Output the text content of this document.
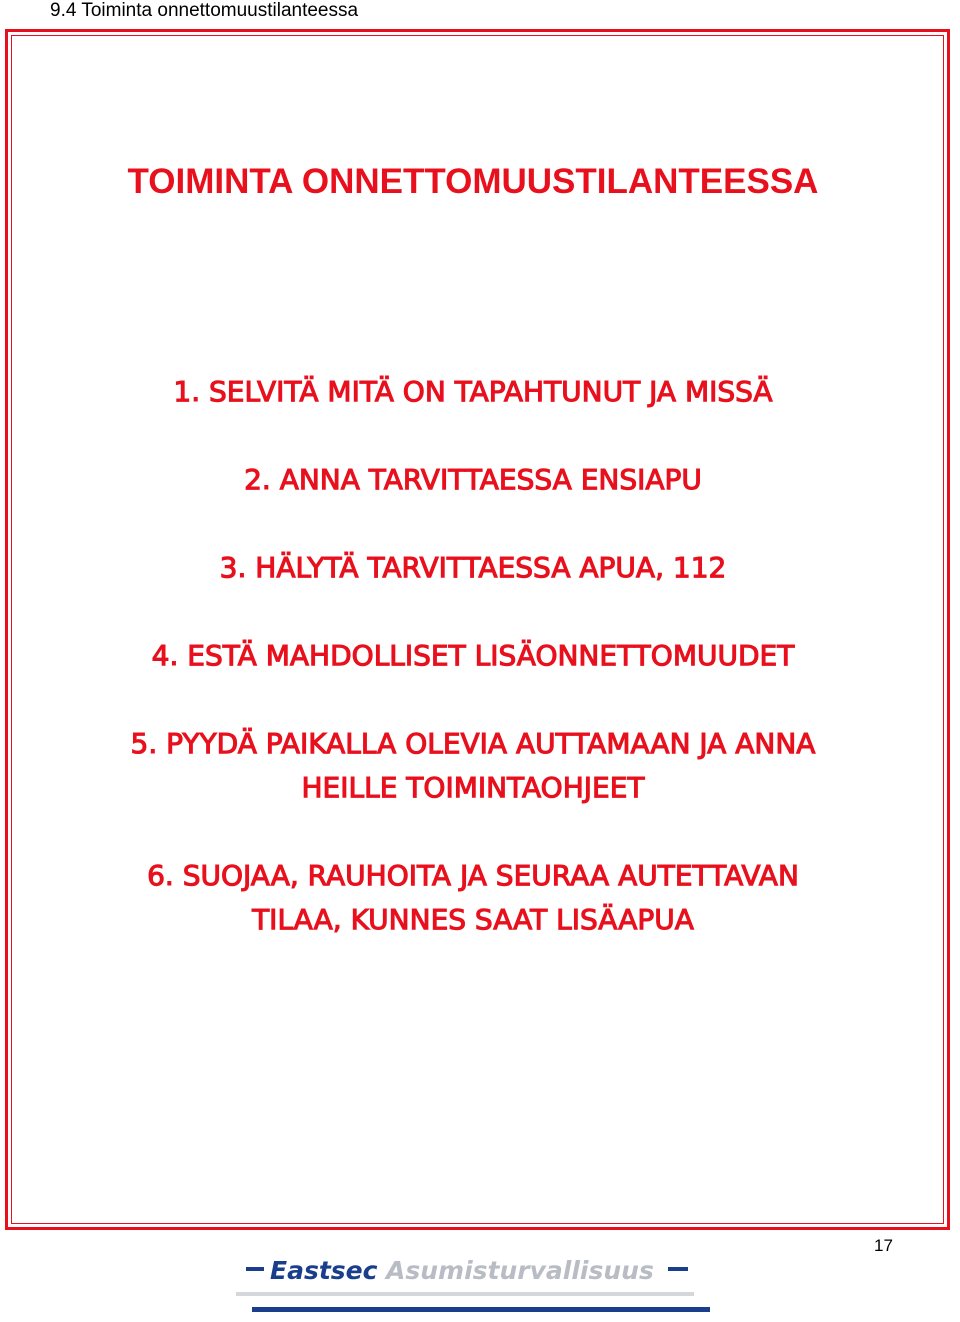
9.4 Toiminta onnettomuustilanteessa
TOIMINTA ONNETTOMUUSTILANTEESSA
1. SELVITÄ MITÄ ON TAPAHTUNUT JA MISSÄ
2. ANNA TARVITTAESSA ENSIAPU
3. HÄLYTÄ TARVITTAESSA APUA, 112
4. ESTÄ MAHDOLLISET LISÄONNETTOMUUDET
5. PYYDÄ PAIKALLA OLEVIA AUTTAMAAN JA ANNA
HEILLE TOIMINTAOHJEET
6. SUOJAA, RAUHOITA JA SEURAA AUTETTAVAN
TILAA, KUNNES SAAT LISÄAPUA
17
Eastsec Asumisturvallisuus
